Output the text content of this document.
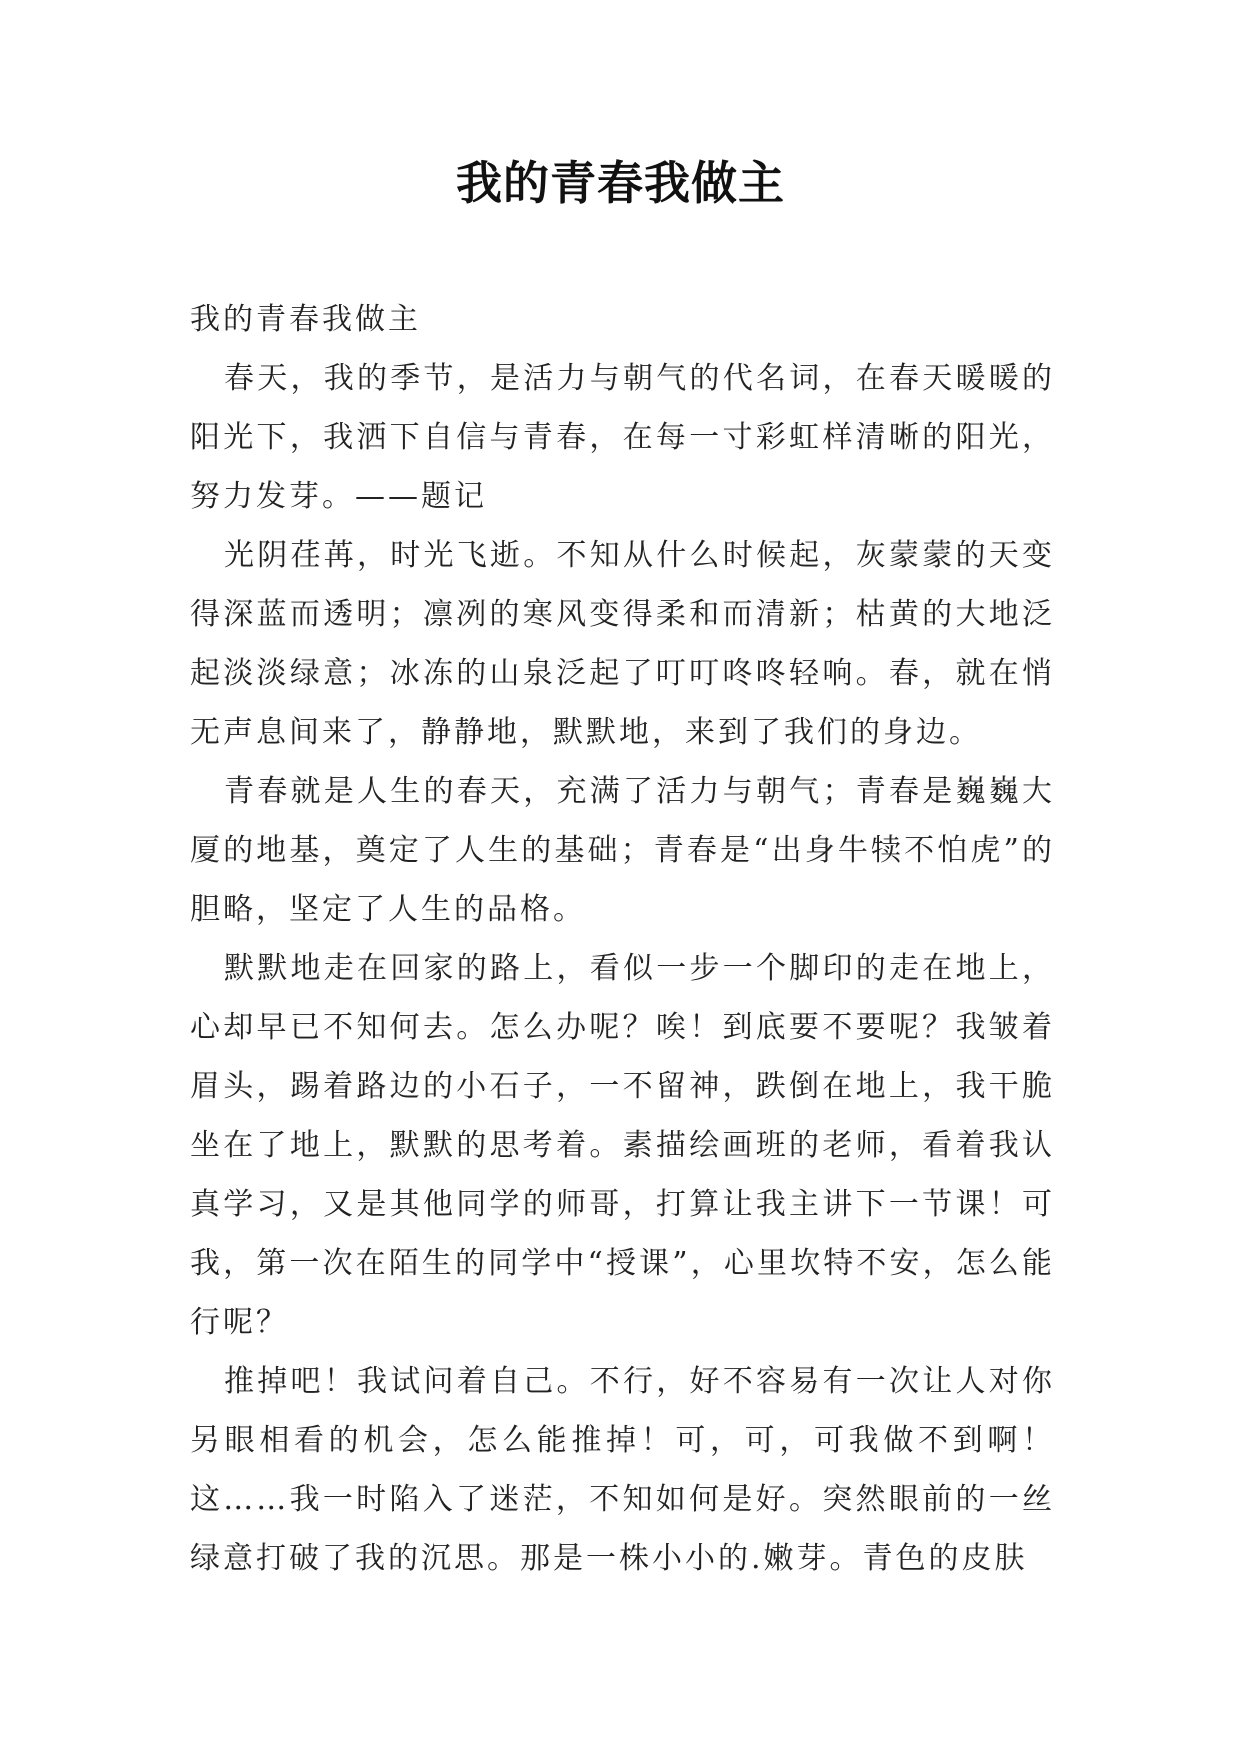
我的青春我做主

我的青春我做主

春天，我的季节，是活力与朝气的代名词，在春天暖暖的阳光下，我洒下自信与青春，在每一寸彩虹样清晰的阳光，努力发芽。——题记

光阴荏苒，时光飞逝。不知从什么时候起，灰蒙蒙的天变得深蓝而透明；凛冽的寒风变得柔和而清新；枯黄的大地泛起淡淡绿意；冰冻的山泉泛起了叮叮咚咚轻响。春，就在悄无声息间来了，静静地，默默地，来到了我们的身边。

青春就是人生的春天，充满了活力与朝气；青春是巍巍大厦的地基，奠定了人生的基础；青春是“出身牛犊不怕虎”的胆略，坚定了人生的品格。

默默地走在回家的路上，看似一步一个脚印的走在地上，心却早已不知何去。怎么办呢？唉！到底要不要呢？我皱着眉头，踢着路边的小石子，一不留神，跌倒在地上，我干脆坐在了地上，默默的思考着。素描绘画班的老师，看着我认真学习，又是其他同学的师哥，打算让我主讲下一节课！可我，第一次在陌生的同学中“授课”，心里坎特不安，怎么能行呢？

推掉吧！我试问着自己。不行，好不容易有一次让人对你另眼相看的机会，怎么能推掉！可，可，可我做不到啊！这……我一时陷入了迷茫，不知如何是好。突然眼前的一丝绿意打破了我的沉思。那是一株小小的.嫩芽。青色的皮肤
